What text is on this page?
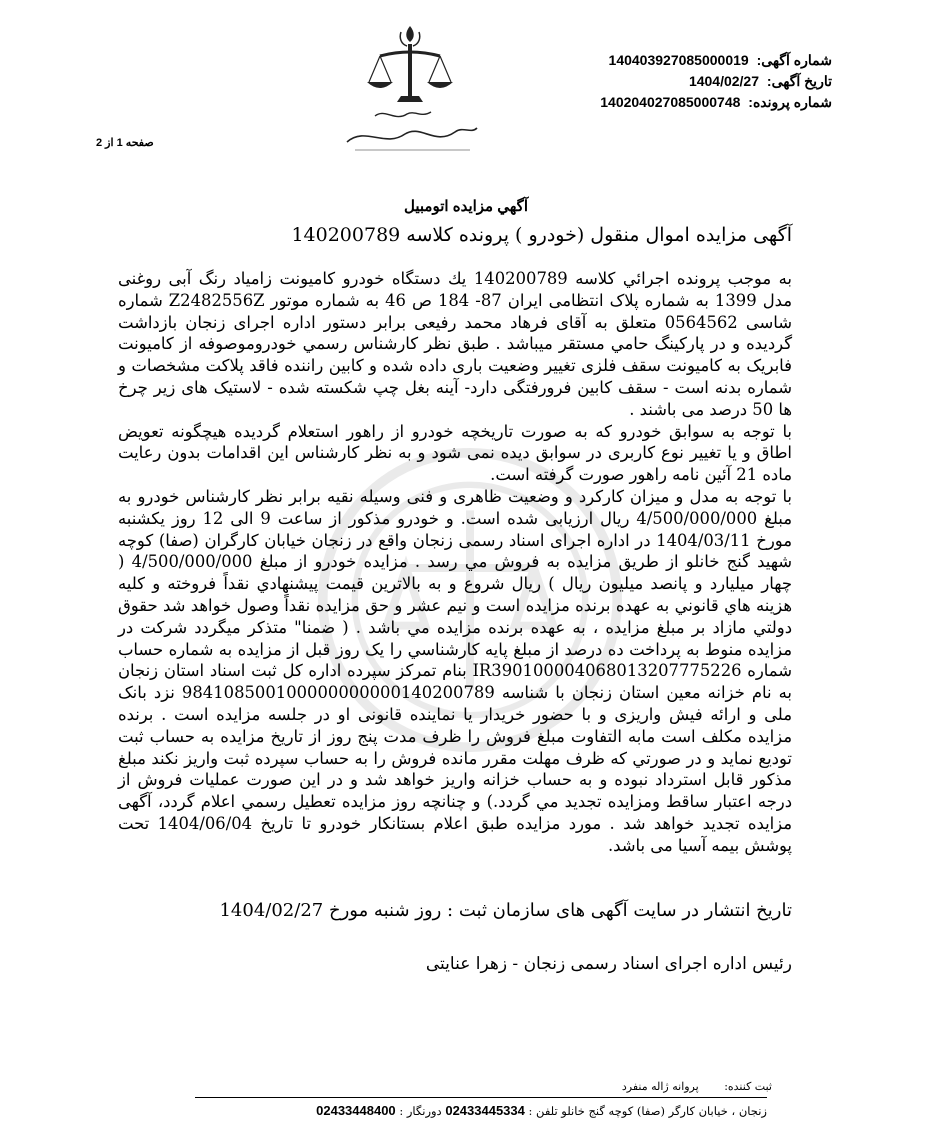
شماره آگهی: 140403927085000019
تاریخ آگهی: 1404/02/27
شماره پرونده: 140204027085000748
صفحه 1 از 2
آگهي مزايده اتومبيل
آگهی مزایده اموال منقول (خودرو ) پرونده کلاسه 140200789

به موجب پرونده اجرائي كلاسه 140200789 يك دستگاه خودرو كاميونت زامياد رنگ آبی روغنی مدل 1399 به شماره پلاک انتظامی ایران 87- 184 ص 46 به شماره موتور Z2482556Z شماره شاسی 0564562 متعلق به آقای فرهاد محمد رفیعی برابر دستور اداره اجرای زنجان بازداشت گردیده و در پارکینگ حامي مستقر ميباشد . طبق نظر کارشناس رسمي خودروموصوفه از کامیونت فابریک به کامیونت سقف فلزی تغییر وضعیت باری داده شده و کابین راننده فاقد پلاکت مشخصات و شماره بدنه است - سقف کابین فرورفتگی دارد- آینه بغل چپ شکسته شده - لاستیک های زیر چرخ ها 50 درصد می باشند .

با توجه به سوابق خودرو که به صورت تاریخچه خودرو از راهور استعلام گردیده هیچگونه تعویض اطاق و یا تغییر نوع کاربری در سوابق دیده نمی شود و به نظر کارشناس این اقدامات بدون رعایت ماده 21 آئین نامه راهور صورت گرفته است.

با توجه به مدل و میزان کارکرد و وضعیت ظاهری و فنی وسیله نقیه برابر نظر کارشناس خودرو به مبلغ 4/500/000/000 ریال ارزیابی شده است. و خودرو مذکور از ساعت 9 الی 12 روز يکشنبه مورخ 1404/03/11 در اداره اجرای اسناد رسمی زنجان واقع در زنجان خیابان کارگران (صفا) کوچه شهید گنج خانلو از طریق مزایده به فروش مي رسد . مزایده خودرو از مبلغ 4/500/000/000 ( چهار میلیارد و پانصد میلیون ریال ) ريال شروع و به بالاترين قيمت پيشنهادي نقداً فروخته و كليه هزينه هاي قانوني به عهده برنده مزايده است و نيم عشر و حق مزايده نقداً وصول خواهد شد حقوق دولتي مازاد بر مبلغ مزايده ، به عهده برنده مزايده مي باشد . ( ضمنا" متذکر میگردد شرکت در مزایده منوط به پرداخت ده درصد از مبلغ پایه کارشناسي را یک روز قبل از مزایده به شماره حساب شماره IR390100004068013207775226 بنام تمرکز سپرده اداره کل ثبت اسناد استان زنجان به نام خزانه معين استان زنجان با شناسه 984108500100000000000140200789 نزد بانک ملی و ارائه فیش واریزی و با حضور خریدار یا نماینده قانونی او در جلسه مزایده است . برنده مزایده مکلف است مابه التفاوت مبلغ فروش را ظرف مدت پنج روز از تاریخ مزایده به حساب ثبت توديع نمايد و در صورتي كه ظرف مهلت مقرر مانده فروش را به حساب سپرده ثبت واريز نكند مبلغ مذكور قابل استرداد نبوده و به حساب خزانه واریز خواهد شد و در این صورت عملیات فروش از درجه اعتبار ساقط ومزایده تجدید مي گردد.) و چنانچه روز مزایده تعطيل رسمي اعلام گردد، آگهی مزایده تجدید خواهد شد . مورد مزایده طبق اعلام بستانکار خودرو تا تاریخ 1404/06/04 تحت پوشش بیمه آسیا می باشد.

تاریخ انتشار در سایت آگهی های سازمان ثبت : روز شنبه مورخ 1404/02/27
رئیس اداره اجرای اسناد رسمی زنجان - زهرا عنایتی
ثبت کننده: پروانه ژاله منفرد
زنجان ، خیابان کارگر (صفا) کوچه گنج خانلو تلفن : 02433445334 دورنگار : 02433448400
